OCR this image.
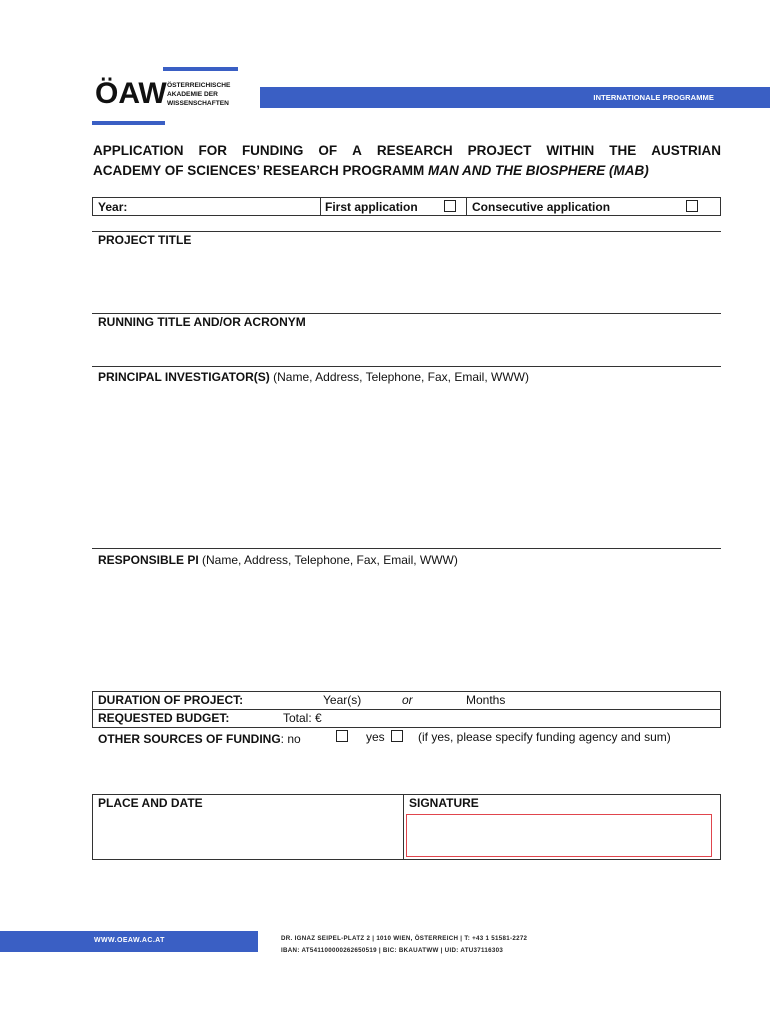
ÖAW ÖSTERREICHISCHE
AKADEMIE DER
WISSENSCHAFTEN
INTERNATIONALE PROGRAMME
APPLICATION FOR FUNDING OF A RESEARCH PROJECT WITHIN THE AUSTRIAN
ACADEMY OF SCIENCES’ RESEARCH PROGRAMM MAN AND THE BIOSPHERE (MAB)
Year:	First application	Consecutive application
PROJECT TITLE
RUNNING TITLE AND/OR ACRONYM
PRINCIPAL INVESTIGATOR(S) (Name, Address, Telephone, Fax, Email, WWW)
RESPONSIBLE PI (Name, Address, Telephone, Fax, Email, WWW)
DURATION OF PROJECT:	Year(s)	or	Months
REQUESTED BUDGET:	Total: €
OTHER SOURCES OF FUNDING: no	yes	(if yes, please specify funding agency and sum)
PLACE AND DATE	SIGNATURE
WWW.OEAW.AC.AT	DR. IGNAZ SEIPEL-PLATZ 2 | 1010 WIEN, ÖSTERREICH | T: +43 1 51581-2272
IBAN: AT541100000262650519 | BIC: BKAUATWW | UID: ATU37116303
